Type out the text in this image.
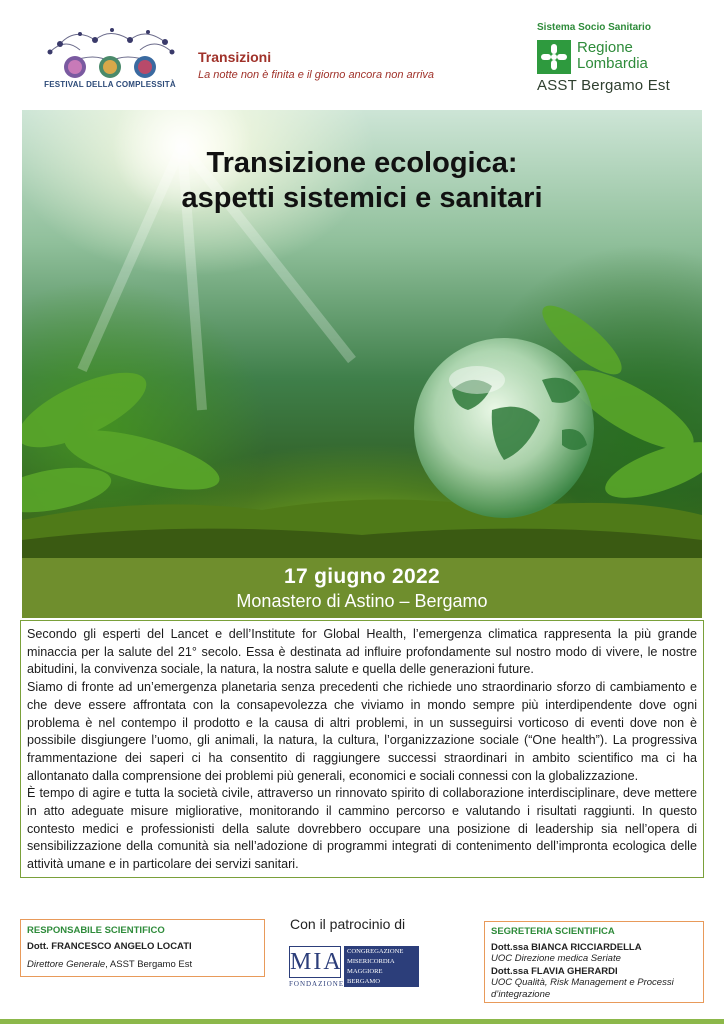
FESTIVAL DELLA COMPLESSITÀ
Transizioni
La notte non è finita e il giorno ancora non arriva
Sistema Socio Sanitario
Regione
Lombardia
ASST Bergamo Est
Transizione ecologica:
aspetti sistemici e sanitari
17 giugno 2022
Monastero di Astino – Bergamo

Secondo gli esperti del Lancet e dell’Institute for Global Health, l’emergenza climatica rappresenta la più grande minaccia per la salute del 21° secolo. Essa è destinata ad influire profondamente sul nostro modo di vivere, le nostre abitudini, la convivenza sociale, la natura, la nostra salute e quella delle generazioni future.

Siamo di fronte ad un’emergenza planetaria senza precedenti che richiede uno straordinario sforzo di cambiamento e che deve essere affrontata con la consapevolezza che viviamo in mondo sempre più interdipendente dove ogni problema è nel contempo il prodotto e la causa di altri problemi, in un susseguirsi vorticoso di eventi dove non è possibile disgiungere l’uomo, gli animali, la natura, la cultura, l’organizzazione sociale (“One health”). La progressiva frammentazione dei saperi ci ha consentito di raggiungere successi straordinari in ambito scientifico ma ci ha allontanato dalla comprensione dei problemi più generali, economici e sociali connessi con la globalizzazione.

È tempo di agire e tutta la società civile, attraverso un rinnovato spirito di collaborazione interdisciplinare, deve mettere in atto adeguate misure migliorative, monitorando il cammino percorso e valutando i risultati raggiunti. In questo contesto medici e professionisti della salute dovrebbero occupare una posizione di leadership sia nell’opera di sensibilizzazione della comunità sia nell’adozione di programmi integrati di contenimento dell’impronta ecologica delle attività umane e in particolare dei servizi sanitari.

RESPONSABILE SCIENTIFICO
Dott. FRANCESCO ANGELO LOCATI
Direttore Generale, ASST Bergamo Est
Con il patrocinio di
MIA
FONDAZIONE
CONGREGAZIONE
MISERICORDIA
MAGGIORE
BERGAMO
SEGRETERIA SCIENTIFICA
Dott.ssa BIANCA RICCIARDELLA
UOC Direzione medica Seriate
Dott.ssa FLAVIA GHERARDI
UOC Qualità, Risk Management e Processi d’integrazione
